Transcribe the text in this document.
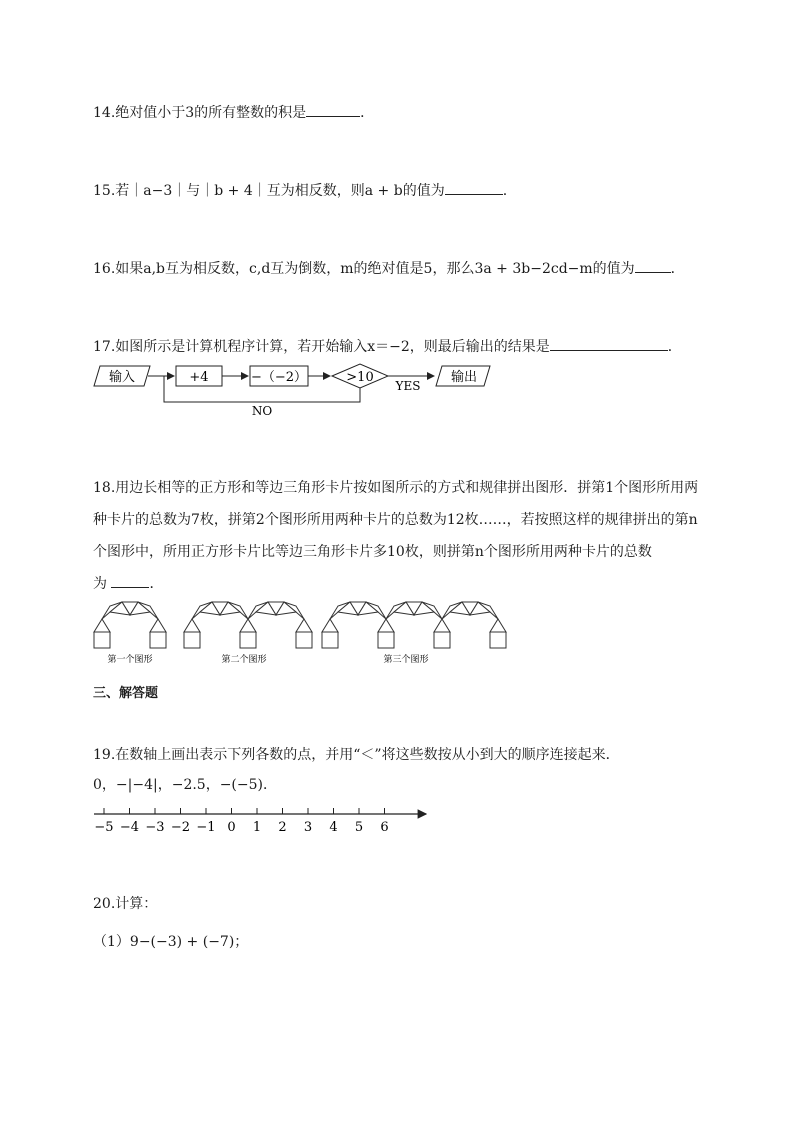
14.绝对值小于3的所有整数的积是	．
15.若｜a−3｜与｜b + 4｜互为相反数，则a + b的值为	.
16.如果a,b互为相反数，c,d互为倒数，m的绝对值是5，那么3a + 3b−2cd−m的值为	．
17.如图所示是计算机程序计算，若开始输入x＝−2，则最后输出的结果是	．
输入	+4	−（−2）	>10
YES
输出
NO
18.用边长相等的正方形和等边三角形卡片按如图所示的方式和规律拼出图形．拼第1个图形所用两
种卡片的总数为7枚，拼第2个图形所用两种卡片的总数为12枚……，若按照这样的规律拼出的第n
个图形中，所用正方形卡片比等边三角形卡片多10枚，则拼第n个图形所用两种卡片的总数
为	．
第一个图形	第二个图形	第三个图形
三、解答题
19.在数轴上画出表示下列各数的点，并用“＜”将这些数按从小到大的顺序连接起来．
0，−|−4|，−2.5，−(−5)．
−5 −4 −3 −2 −1 0 1 2 3 4 5 6
20.计算：
（1）9−(−3) + (−7)；
